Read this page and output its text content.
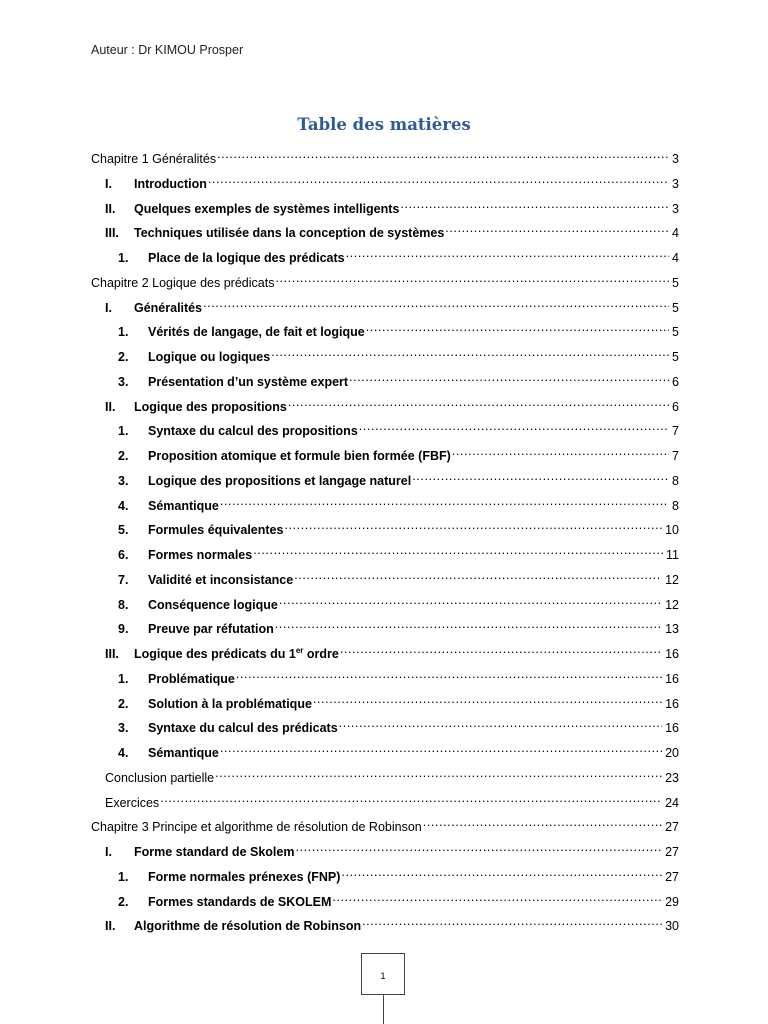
Auteur : Dr KIMOU Prosper
Table des matières
Chapitre 1 Généralités .....	3
I.	Introduction .....	3
II.	Quelques exemples de systèmes intelligents .....	3
III.	Techniques utilisée dans la conception de systèmes .....	4
1.	Place de la logique des prédicats .....	4
Chapitre 2 Logique des prédicats .....	5
I.	Généralités .....	5
1.	Vérités de langage, de fait et logique .....	5
2.	Logique ou logiques .....	5
3.	Présentation d’un système expert .....	6
II.	Logique des propositions .....	6
1.	Syntaxe du calcul des propositions .....	7
2.	Proposition atomique et formule bien formée (FBF) .....	7
3.	Logique des propositions et langage naturel .....	8
4.	Sémantique .....	8
5.	Formules équivalentes .....	10
6.	Formes normales .....	11
7.	Validité et inconsistance .....	12
8.	Conséquence logique .....	12
9.	Preuve par réfutation .....	13
III.	Logique des prédicats du 1er ordre .....	16
1.	Problématique .....	16
2.	Solution à la problématique .....	16
3.	Syntaxe du calcul des prédicats .....	16
4.	Sémantique .....	20
Conclusion partielle .....	23
Exercices .....	24
Chapitre 3 Principe et algorithme de résolution de Robinson .....	27
I.	Forme standard de Skolem .....	27
1.	Forme normales prénexes (FNP) .....	27
2.	Formes standards de SKOLEM .....	29
II.	Algorithme de résolution de Robinson .....	30
1
